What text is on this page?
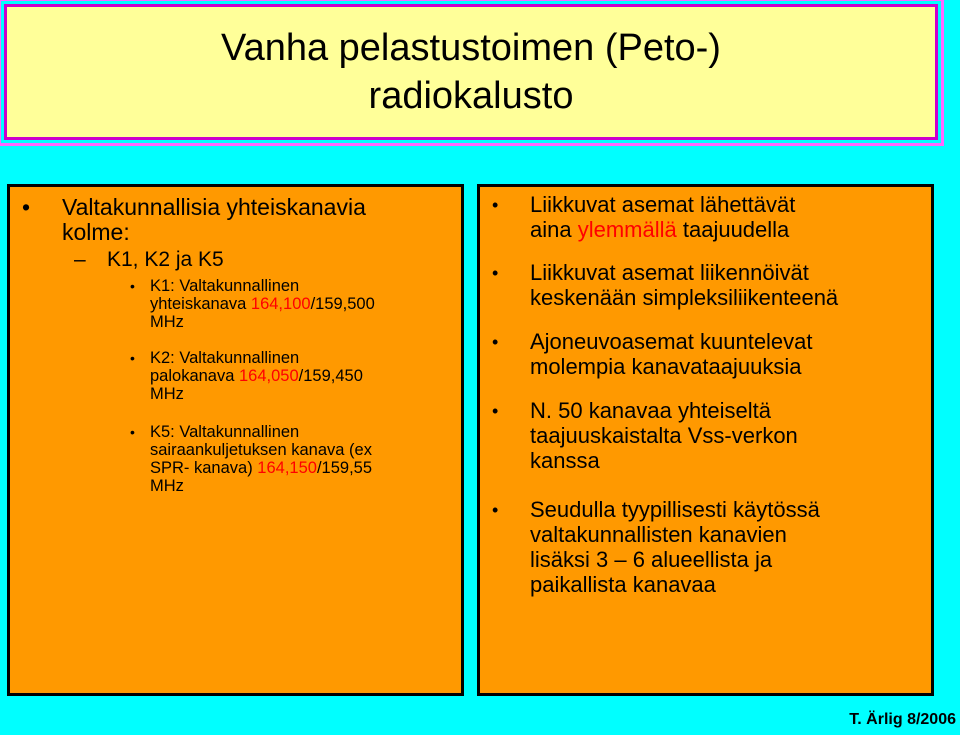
Vanha pelastustoimen (Peto-)
radiokalusto
• Valtakunnallisia yhteiskanavia
kolme:
– K1, K2 ja K5
• K1: Valtakunnallinen
yhteiskanava 164,100/159,500
MHz
• K2: Valtakunnallinen
palokanava 164,050/159,450
MHz
• K5: Valtakunnallinen
sairaankuljetuksen kanava (ex
SPR- kanava) 164,150/159,55
MHz
• Liikkuvat asemat lähettävät
aina ylemmällä taajuudella
• Liikkuvat asemat liikennöivät
keskenään simpleksiliikenteenä
• Ajoneuvoasemat kuuntelevat
molempia kanavataajuuksia
• N. 50 kanavaa yhteiseltä
taajuuskaistalta Vss-verkon
kanssa
• Seudulla tyypillisesti käytössä
valtakunnallisten kanavien
lisäksi 3 – 6 alueellista ja
paikallista kanavaa
T. Ärlig 8/2006
